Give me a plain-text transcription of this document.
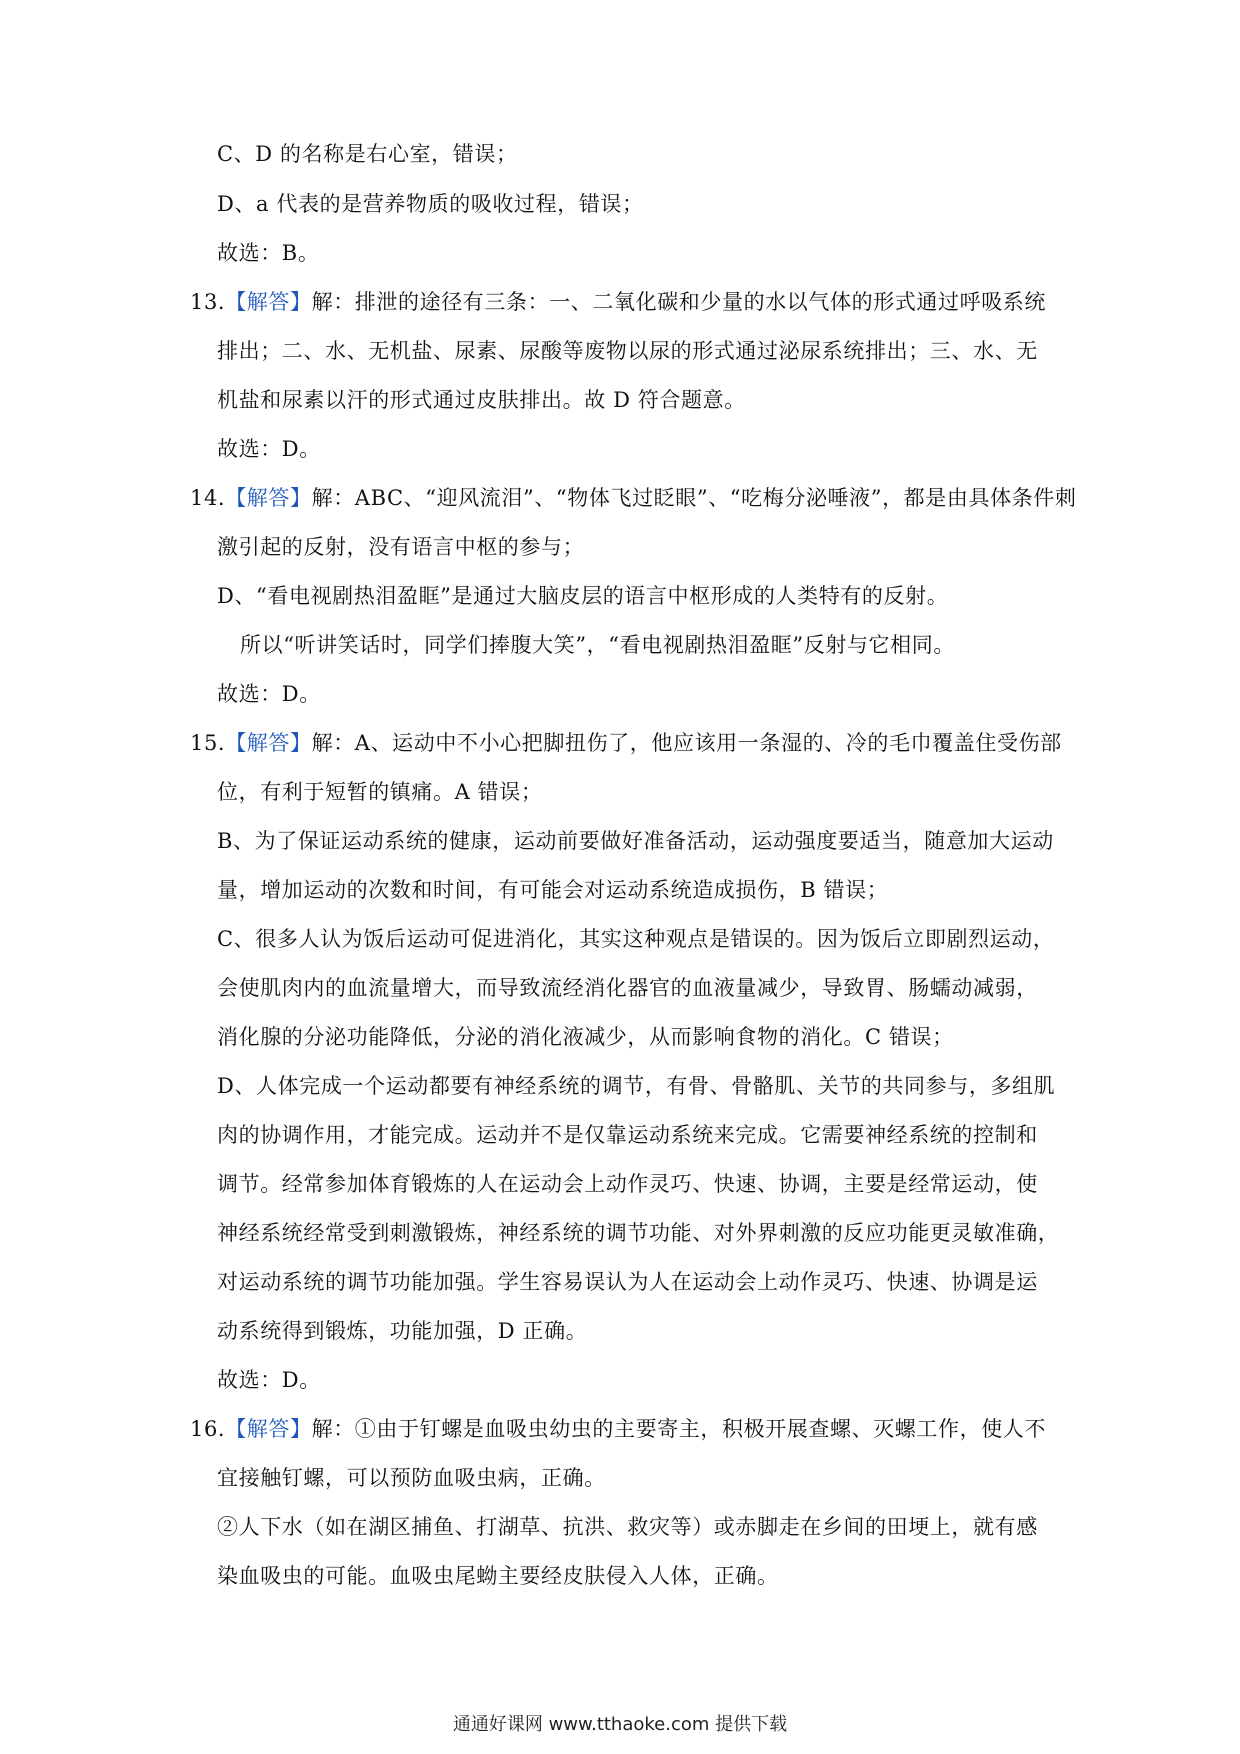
C、D 的名称是右心室，错误；
D、a 代表的是营养物质的吸收过程，错误；
故选：B。
13.【解答】解：排泄的途径有三条：一、二氧化碳和少量的水以气体的形式通过呼吸系统
排出；二、水、无机盐、尿素、尿酸等废物以尿的形式通过泌尿系统排出；三、水、无
机盐和尿素以汗的形式通过皮肤排出。故 D 符合题意。
故选：D。
14.【解答】解：ABC、“迎风流泪”、“物体飞过眨眼”、“吃梅分泌唾液”，都是由具体条件刺
激引起的反射，没有语言中枢的参与；
D、“看电视剧热泪盈眶”是通过大脑皮层的语言中枢形成的人类特有的反射。
所以“听讲笑话时，同学们捧腹大笑”，“看电视剧热泪盈眶”反射与它相同。
故选：D。
15.【解答】解：A、运动中不小心把脚扭伤了，他应该用一条湿的、冷的毛巾覆盖住受伤部
位，有利于短暂的镇痛。A 错误；
B、为了保证运动系统的健康，运动前要做好准备活动，运动强度要适当，随意加大运动
量，增加运动的次数和时间，有可能会对运动系统造成损伤，B 错误；
C、很多人认为饭后运动可促进消化，其实这种观点是错误的。因为饭后立即剧烈运动，
会使肌肉内的血流量增大，而导致流经消化器官的血液量减少，导致胃、肠蠕动减弱，
消化腺的分泌功能降低，分泌的消化液减少，从而影响食物的消化。C 错误；
D、人体完成一个运动都要有神经系统的调节，有骨、骨骼肌、关节的共同参与，多组肌
肉的协调作用，才能完成。运动并不是仅靠运动系统来完成。它需要神经系统的控制和
调节。经常参加体育锻炼的人在运动会上动作灵巧、快速、协调，主要是经常运动，使
神经系统经常受到刺激锻炼，神经系统的调节功能、对外界刺激的反应功能更灵敏准确，
对运动系统的调节功能加强。学生容易误认为人在运动会上动作灵巧、快速、协调是运
动系统得到锻炼，功能加强，D 正确。
故选：D。
16.【解答】解：①由于钉螺是血吸虫幼虫的主要寄主，积极开展查螺、灭螺工作，使人不
宜接触钉螺，可以预防血吸虫病，正确。
②人下水（如在湖区捕鱼、打湖草、抗洪、救灾等）或赤脚走在乡间的田埂上，就有感
染血吸虫的可能。血吸虫尾蚴主要经皮肤侵入人体，正确。
通通好课网 www.tthaoke.com 提供下载
